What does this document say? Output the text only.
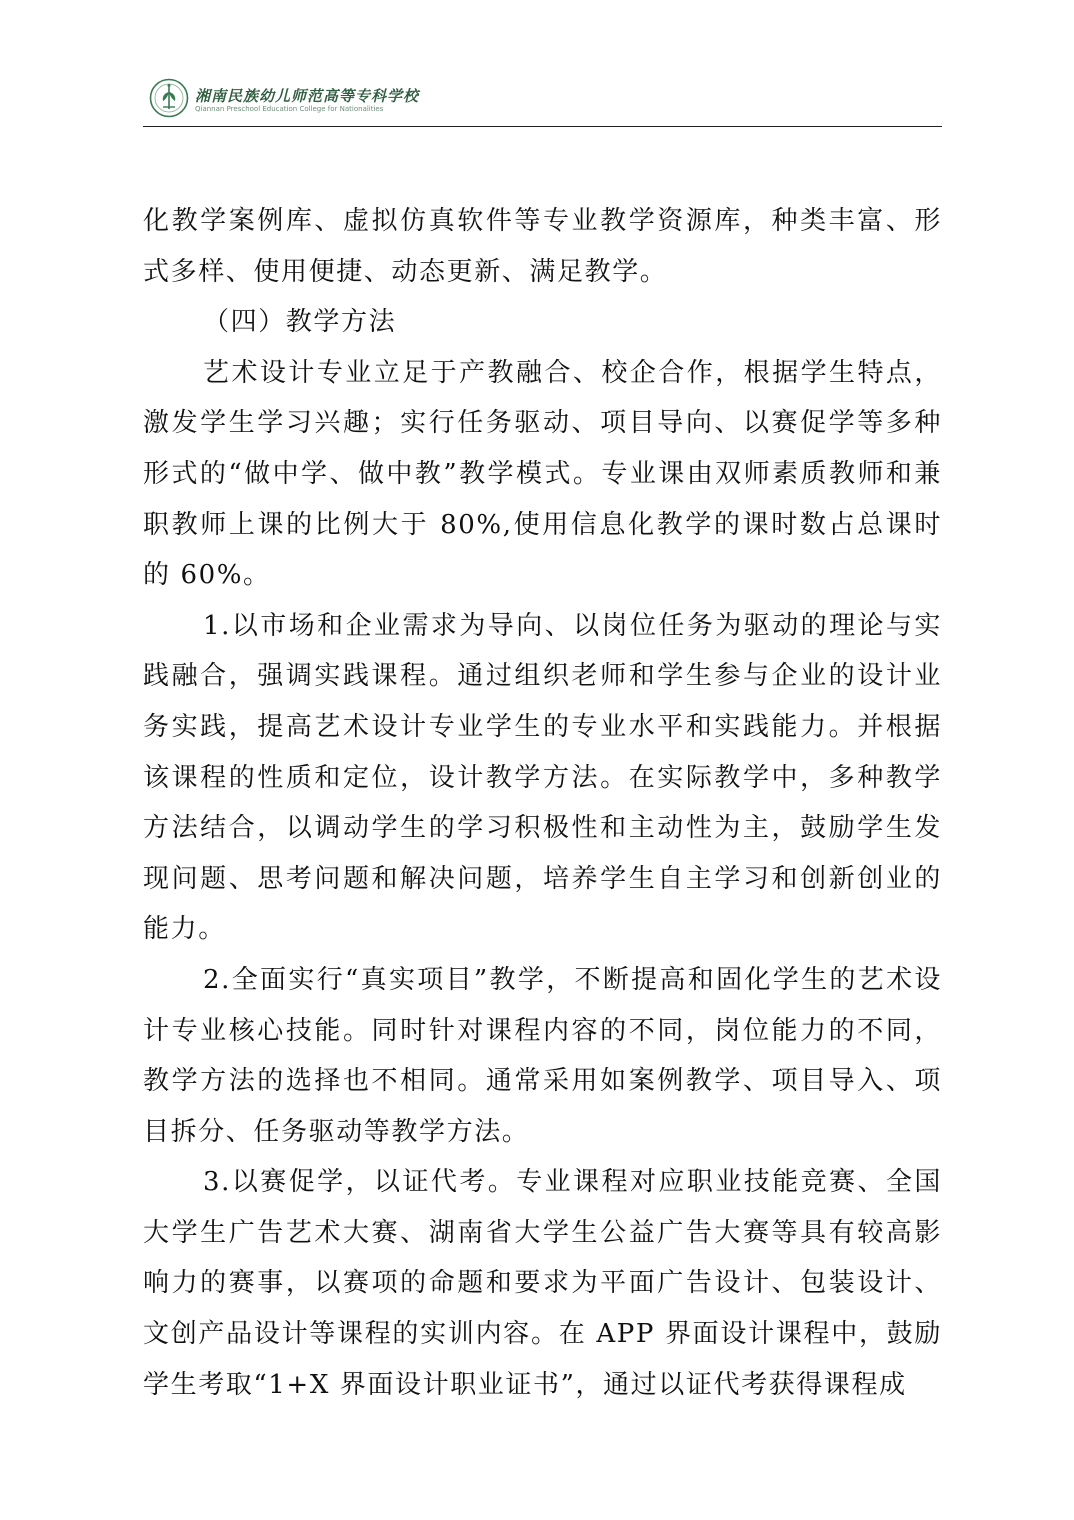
湘南民族幼儿师范高等专科学校
Qiannan Preschool Education College for Nationalities

化教学案例库、虚拟仿真软件等专业教学资源库，种类丰富、形式多样、使用便捷、动态更新、满足教学。

（四）教学方法

艺术设计专业立足于产教融合、校企合作，根据学生特点，激发学生学习兴趣；实行任务驱动、项目导向、以赛促学等多种形式的“做中学、做中教”教学模式。专业课由双师素质教师和兼职教师上课的比例大于 80%,使用信息化教学的课时数占总课时的 60%。

1.以市场和企业需求为导向、以岗位任务为驱动的理论与实践融合，强调实践课程。通过组织老师和学生参与企业的设计业务实践，提高艺术设计专业学生的专业水平和实践能力。并根据该课程的性质和定位，设计教学方法。在实际教学中，多种教学方法结合，以调动学生的学习积极性和主动性为主，鼓励学生发现问题、思考问题和解决问题，培养学生自主学习和创新创业的能力。

2.全面实行“真实项目”教学，不断提高和固化学生的艺术设计专业核心技能。同时针对课程内容的不同，岗位能力的不同，教学方法的选择也不相同。通常采用如案例教学、项目导入、项目拆分、任务驱动等教学方法。

3.以赛促学，以证代考。专业课程对应职业技能竞赛、全国大学生广告艺术大赛、湖南省大学生公益广告大赛等具有较高影响力的赛事，以赛项的命题和要求为平面广告设计、包装设计、文创产品设计等课程的实训内容。在 APP 界面设计课程中，鼓励学生考取“1+X 界面设计职业证书”，通过以证代考获得课程成
